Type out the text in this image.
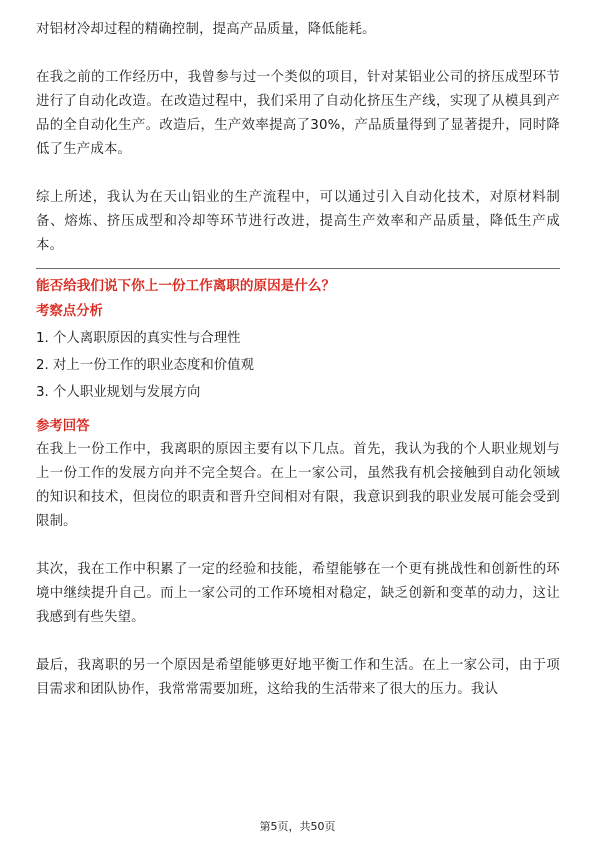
对铝材冷却过程的精确控制，提高产品质量，降低能耗。

在我之前的工作经历中，我曾参与过一个类似的项目，针对某铝业公司的挤压成型环节进行了自动化改造。在改造过程中，我们采用了自动化挤压生产线，实现了从模具到产品的全自动化生产。改造后，生产效率提高了30%，产品质量得到了显著提升，同时降低了生产成本。

综上所述，我认为在天山铝业的生产流程中，可以通过引入自动化技术，对原材料制备、熔炼、挤压成型和冷却等环节进行改进，提高生产效率和产品质量，降低生产成本。

能否给我们说下你上一份工作离职的原因是什么？
考察点分析
1. 个人离职原因的真实性与合理性
2. 对上一份工作的职业态度和价值观
3. 个人职业规划与发展方向
参考回答

在我上一份工作中，我离职的原因主要有以下几点。首先，我认为我的个人职业规划与上一份工作的发展方向并不完全契合。在上一家公司，虽然我有机会接触到自动化领域的知识和技术，但岗位的职责和晋升空间相对有限，我意识到我的职业发展可能会受到限制。

其次，我在工作中积累了一定的经验和技能，希望能够在一个更有挑战性和创新性的环境中继续提升自己。而上一家公司的工作环境相对稳定，缺乏创新和变革的动力，这让我感到有些失望。

最后，我离职的另一个原因是希望能够更好地平衡工作和生活。在上一家公司，由于项目需求和团队协作，我常常需要加班，这给我的生活带来了很大的压力。我认

第5页，共50页
